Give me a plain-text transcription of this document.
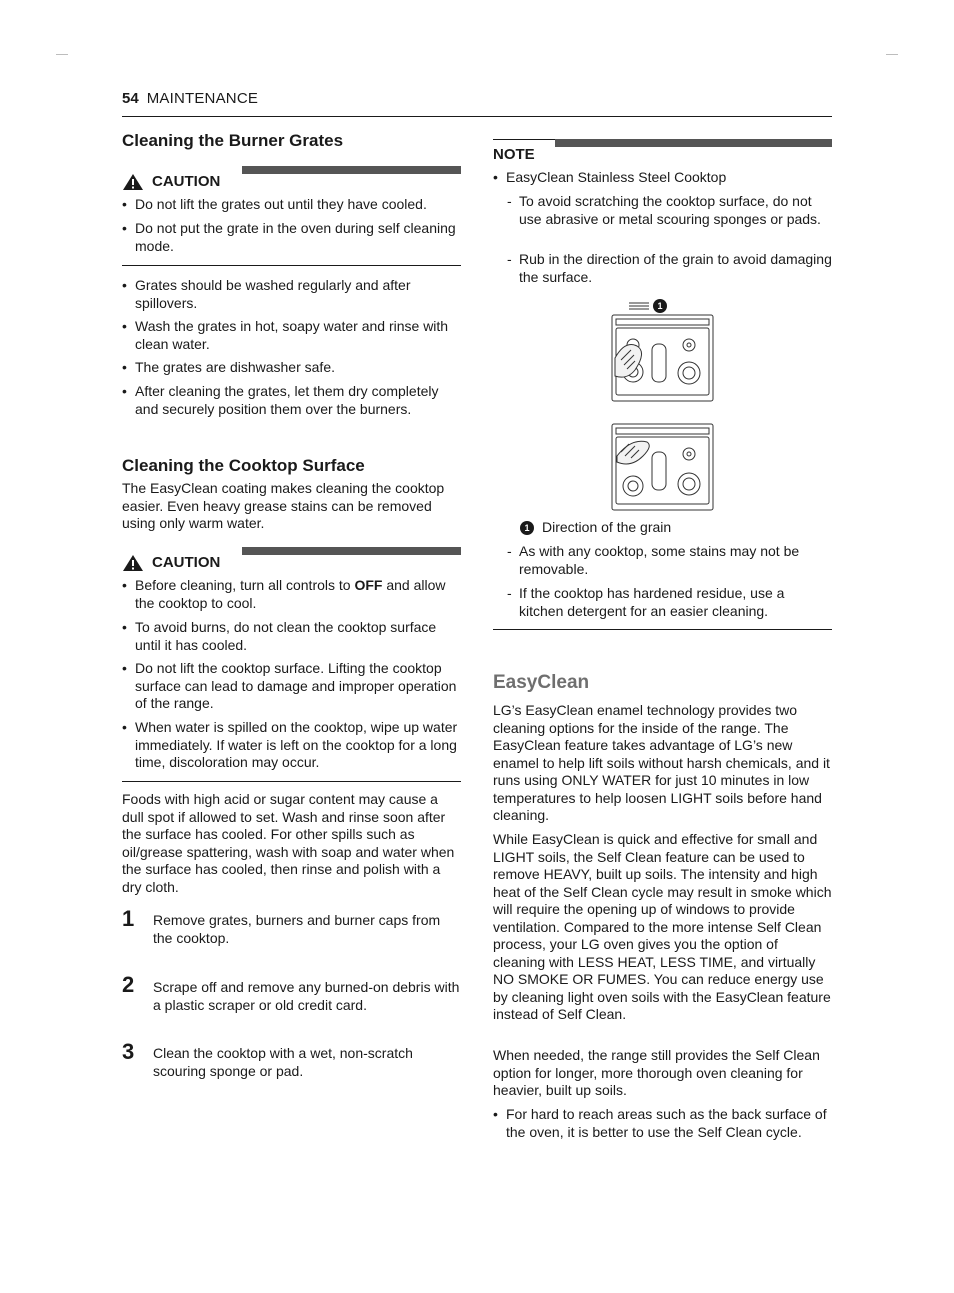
54 MAINTENANCE
Cleaning the Burner Grates
CAUTION
• Do not lift the grates out until they have cooled.
• Do not put the grate in the oven during self cleaning mode.
• Grates should be washed regularly and after spillovers.
• Wash the grates in hot, soapy water and rinse with clean water.
• The grates are dishwasher safe.
• After cleaning the grates, let them dry completely and securely position them over the burners.
Cleaning the Cooktop Surface
The EasyClean coating makes cleaning the cooktop easier. Even heavy grease stains can be removed using only warm water.
CAUTION
• Before cleaning, turn all controls to OFF and allow the cooktop to cool.
• To avoid burns, do not clean the cooktop surface until it has cooled.
• Do not lift the cooktop surface. Lifting the cooktop surface can lead to damage and improper operation of the range.
• When water is spilled on the cooktop, wipe up water immediately. If water is left on the cooktop for a long time, discoloration may occur.
Foods with high acid or sugar content may cause a dull spot if allowed to set. Wash and rinse soon after the surface has cooled. For other spills such as oil/grease spattering, wash with soap and water when the surface has cooled, then rinse and polish with a dry cloth.
1 Remove grates, burners and burner caps from the cooktop.
2 Scrape off and remove any burned-on debris with a plastic scraper or old credit card.
3 Clean the cooktop with a wet, non-scratch scouring sponge or pad.
NOTE
• EasyClean Stainless Steel Cooktop
- To avoid scratching the cooktop surface, do not use abrasive or metal scouring sponges or pads.
- Rub in the direction of the grain to avoid damaging the surface.
1
1 Direction of the grain
- As with any cooktop, some stains may not be removable.
- If the cooktop has hardened residue, use a kitchen detergent for an easier cleaning.
EasyClean
LG’s EasyClean enamel technology provides two cleaning options for the inside of the range. The EasyClean feature takes advantage of LG’s new enamel to help lift soils without harsh chemicals, and it runs using ONLY WATER for just 10 minutes in low temperatures to help loosen LIGHT soils before hand cleaning.
While EasyClean is quick and effective for small and LIGHT soils, the Self Clean feature can be used to remove HEAVY, built up soils. The intensity and high heat of the Self Clean cycle may result in smoke which will require the opening up of windows to provide ventilation. Compared to the more intense Self Clean process, your LG oven gives you the option of cleaning with LESS HEAT, LESS TIME, and virtually NO SMOKE OR FUMES. You can reduce energy use by cleaning light oven soils with the EasyClean feature instead of Self Clean.
When needed, the range still provides the Self Clean option for longer, more thorough oven cleaning for heavier, built up soils.
• For hard to reach areas such as the back surface of the oven, it is better to use the Self Clean cycle.
